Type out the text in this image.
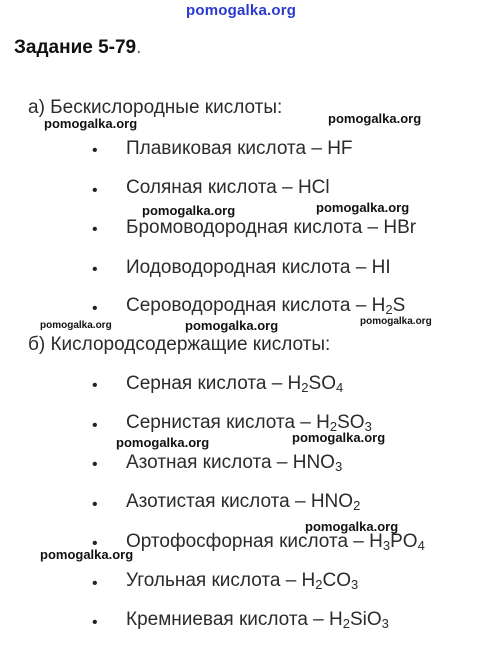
pomogalka.org
Задание 5-79.
а) Бескислородные кислоты:
б) Кислородсодержащие кислоты:
• Плавиковая кислота – HF
• Соляная кислота – HCl
• Бромоводородная кислота – HBr
• Иодоводородная кислота – HI
• Сероводородная кислота – $H_2S$
• Серная кислота – $H_2SO_4$
• Сернистая кислота – $H_2SO_3$
• Азотная кислота – $HNO_3$
• Азотистая кислота – $HNO_2$
• Ортофосфорная кислота – $H_3PO_4$
• Угольная кислота – $H_2CO_3$
• Кремниевая кислота – $H_2SiO_3$
pomogalka.org	pomogalka.org
pomogalka.org	pomogalka.org
pomogalka.org	pomogalka.org	pomogalka.org
pomogalka.org	pomogalka.org
pomogalka.org
pomogalka.org
